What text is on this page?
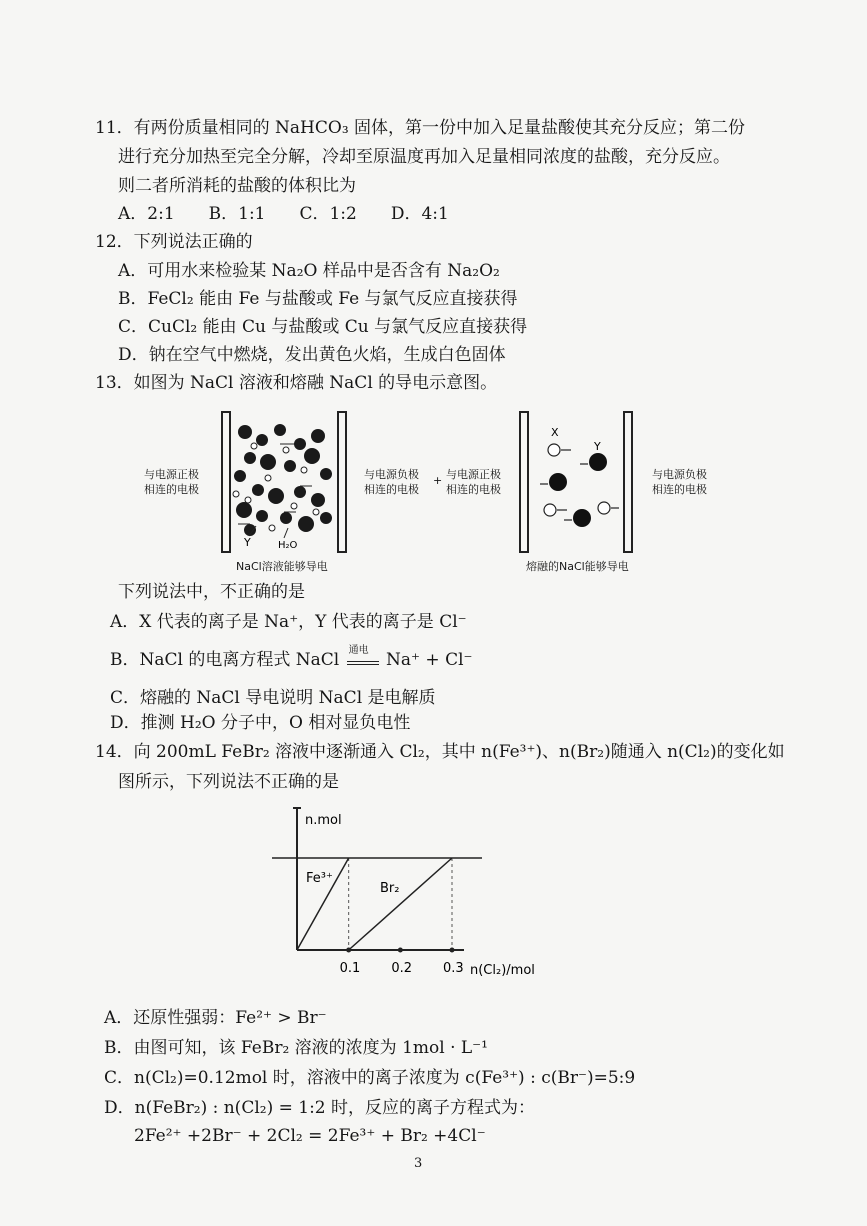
11．有两份质量相同的 NaHCO₃ 固体，第一份中加入足量盐酸使其充分反应；第二份
进行充分加热至完全分解，冷却至原温度再加入足量相同浓度的盐酸，充分反应。
则二者所消耗的盐酸的体积比为
A．2:1　　B．1:1　　C．1:2　　D．4:1
12．下列说法正确的
A．可用水来检验某 Na₂O 样品中是否含有 Na₂O₂
B．FeCl₂ 能由 Fe 与盐酸或 Fe 与氯气反应直接获得
C．CuCl₂ 能由 Cu 与盐酸或 Cu 与氯气反应直接获得
D．钠在空气中燃烧，发出黄色火焰，生成白色固体
13．如图为 NaCl 溶液和熔融 NaCl 的导电示意图。
Y	H₂O
X
Y
与电源正极
相连的电极
与电源负极
相连的电极
+ 与电源正极
相连的电极
与电源负极
相连的电极
NaCl溶液能够导电	熔融的NaCl能够导电
下列说法中，不正确的是
A．X 代表的离子是 Na⁺，Y 代表的离子是 Cl⁻
B．NaCl 的电离方程式 NaCl 通电 Na⁺ + Cl⁻
C．熔融的 NaCl 导电说明 NaCl 是电解质
D．推测 H₂O 分子中，O 相对显负电性
14．向 200mL FeBr₂ 溶液中逐渐通入 Cl₂，其中 n(Fe³⁺)、n(Br₂)随通入 n(Cl₂)的变化如
图所示，下列说法不正确的是
Fe³⁺
Br₂
0.1 0.2 0.3
n.mol
n(Cl₂)/mol
A．还原性强弱：Fe²⁺ > Br⁻
B．由图可知，该 FeBr₂ 溶液的浓度为 1mol · L⁻¹
C．n(Cl₂)=0.12mol 时，溶液中的离子浓度为 c(Fe³⁺) : c(Br⁻)=5:9
D．n(FeBr₂) : n(Cl₂) = 1:2 时，反应的离子方程式为：
2Fe²⁺ +2Br⁻ + 2Cl₂ = 2Fe³⁺ + Br₂ +4Cl⁻
3
